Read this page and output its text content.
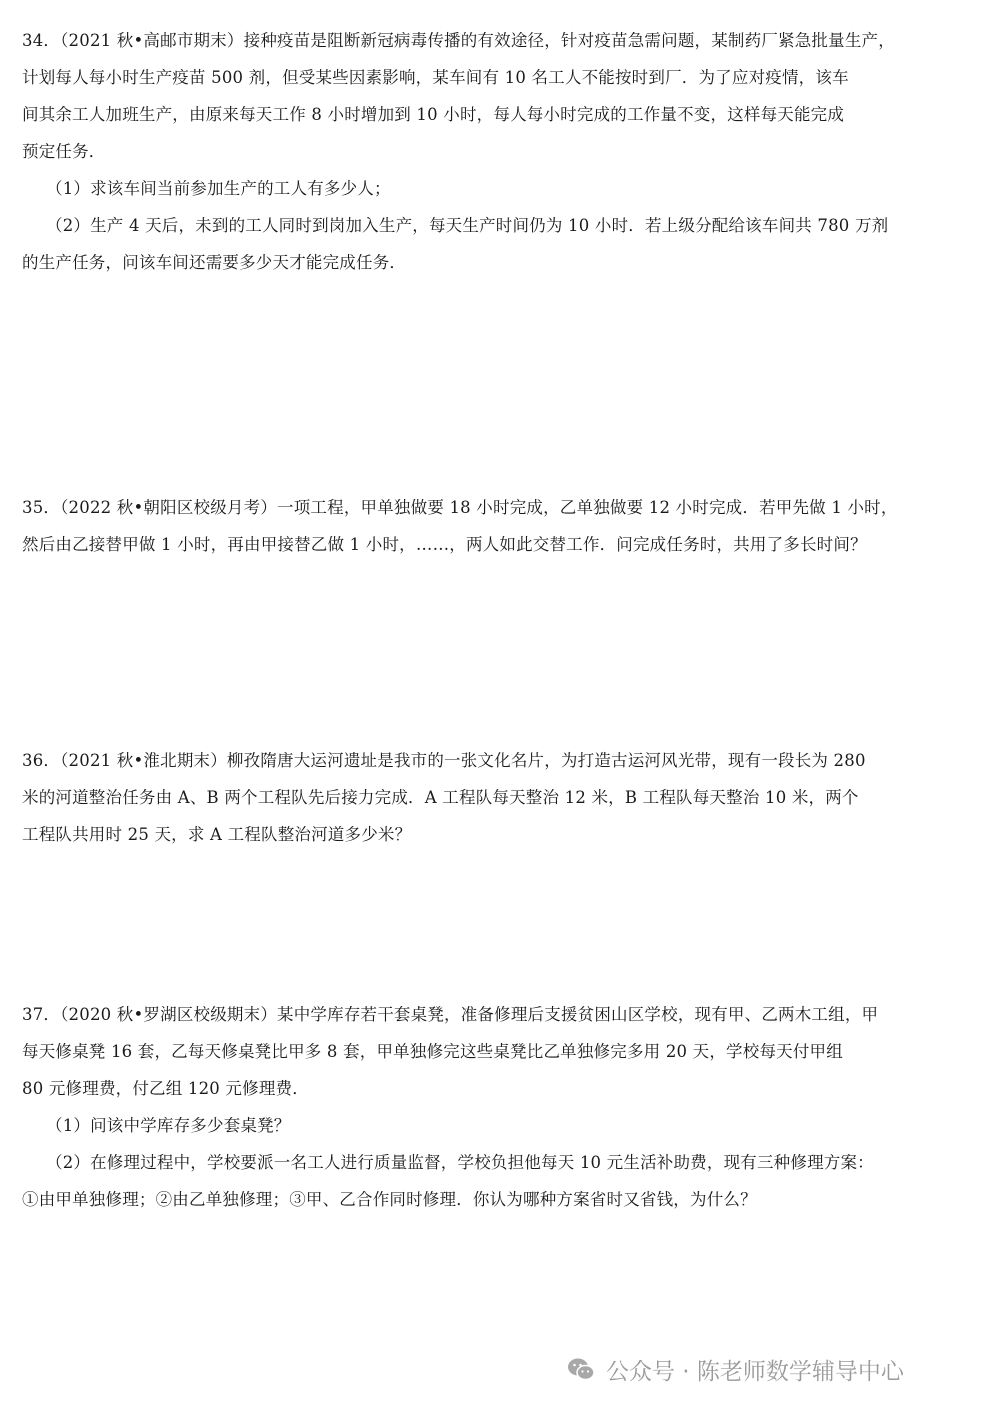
34．（2021 秋•高邮市期末）接种疫苗是阻断新冠病毒传播的有效途径，针对疫苗急需问题，某制药厂紧急批量生产，
计划每人每小时生产疫苗 500 剂，但受某些因素影响，某车间有 10 名工人不能按时到厂．为了应对疫情，该车
间其余工人加班生产，由原来每天工作 8 小时增加到 10 小时，每人每小时完成的工作量不变，这样每天能完成
预定任务．
（1）求该车间当前参加生产的工人有多少人；
（2）生产 4 天后，未到的工人同时到岗加入生产，每天生产时间仍为 10 小时．若上级分配给该车间共 780 万剂
的生产任务，问该车间还需要多少天才能完成任务．
35．（2022 秋•朝阳区校级月考）一项工程，甲单独做要 18 小时完成，乙单独做要 12 小时完成．若甲先做 1 小时，
然后由乙接替甲做 1 小时，再由甲接替乙做 1 小时，……，两人如此交替工作．问完成任务时，共用了多长时间？
36．（2021 秋•淮北期末）柳孜隋唐大运河遗址是我市的一张文化名片，为打造古运河风光带，现有一段长为 280
米的河道整治任务由 A、B 两个工程队先后接力完成．A 工程队每天整治 12 米，B 工程队每天整治 10 米，两个
工程队共用时 25 天，求 A 工程队整治河道多少米？
37．（2020 秋•罗湖区校级期末）某中学库存若干套桌凳，准备修理后支援贫困山区学校，现有甲、乙两木工组，甲
每天修桌凳 16 套，乙每天修桌凳比甲多 8 套，甲单独修完这些桌凳比乙单独修完多用 20 天，学校每天付甲组
80 元修理费，付乙组 120 元修理费．
（1）问该中学库存多少套桌凳？
（2）在修理过程中，学校要派一名工人进行质量监督，学校负担他每天 10 元生活补助费，现有三种修理方案：
①由甲单独修理；②由乙单独修理；③甲、乙合作同时修理．你认为哪种方案省时又省钱，为什么？
公众号 · 陈老师数学辅导中心
